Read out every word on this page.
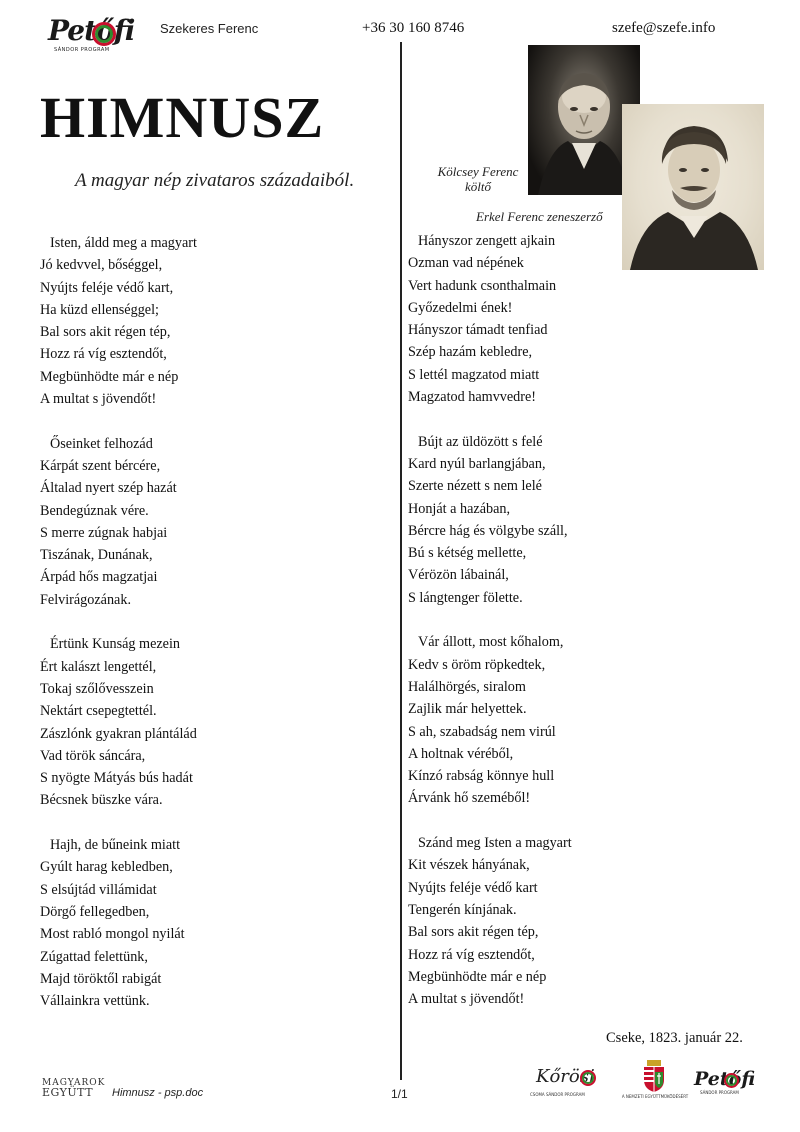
Petőfi
SÁNDOR PROGRAM
Szekeres Ferenc	+36 30 160 8746	szefe@szefe.info
HIMNUSZ
A magyar nép zivataros századaiból.	Kölcsey Ferenc
költő
Erkel Ferenc zeneszerző
Isten, áldd meg a magyart
Jó kedvvel, bőséggel,
Nyújts feléje védő kart,
Ha küzd ellenséggel;
Bal sors akit régen tép,
Hozz rá víg esztendőt,
Megbünhödte már e nép
A multat s jövendőt!
Őseinket felhozád
Kárpát szent bércére,
Általad nyert szép hazát
Bendegúznak vére.
S merre zúgnak habjai
Tiszának, Dunának,
Árpád hős magzatjai
Felvirágozának.
Értünk Kunság mezein
Ért kalászt lengettél,
Tokaj szőlővesszein
Nektárt csepegtettél.
Zászlónk gyakran plántálád
Vad török sáncára,
S nyögte Mátyás bús hadát
Bécsnek büszke vára.
Hajh, de bűneink miatt
Gyúlt harag kebledben,
S elsújtád villámidat
Dörgő fellegedben,
Most rabló mongol nyilát
Zúgattad felettünk,
Majd töröktől rabigát
Vállainkra vettünk.
Hányszor zengett ajkain
Ozman vad népének
Vert hadunk csonthalmain
Győzedelmi ének!
Hányszor támadt tenfiad
Szép hazám kebledre,
S lettél magzatod miatt
Magzatod hamvvedre!
Bújt az üldözött s felé
Kard nyúl barlangjában,
Szerte nézett s nem lelé
Honját a hazában,
Bércre hág és völgybe száll,
Bú s kétség mellette,
Vérözön lábainál,
S lángtenger fölette.
Vár állott, most kőhalom,
Kedv s öröm röpkedtek,
Halálhörgés, siralom
Zajlik már helyettek.
S ah, szabadság nem virúl
A holtnak véréből,
Kínzó rabság könnye hull
Árvánk hő szeméből!
Szánd meg Isten a magyart
Kit vészek hányának,
Nyújts feléje védő kart
Tengerén kínjának.
Bal sors akit régen tép,
Hozz rá víg esztendőt,
Megbünhödte már e nép
A multat s jövendőt!
Cseke, 1823. január 22.
MAGYAROK
EGYÜTT	Himnusz - psp.doc	1/1
Kőrösi
CSOMA SÁNDOR PROGRAM	A NEMZETI EGYÜTTMŰKÖDÉSÉRT
Petőfi
SÁNDOR PROGRAM
